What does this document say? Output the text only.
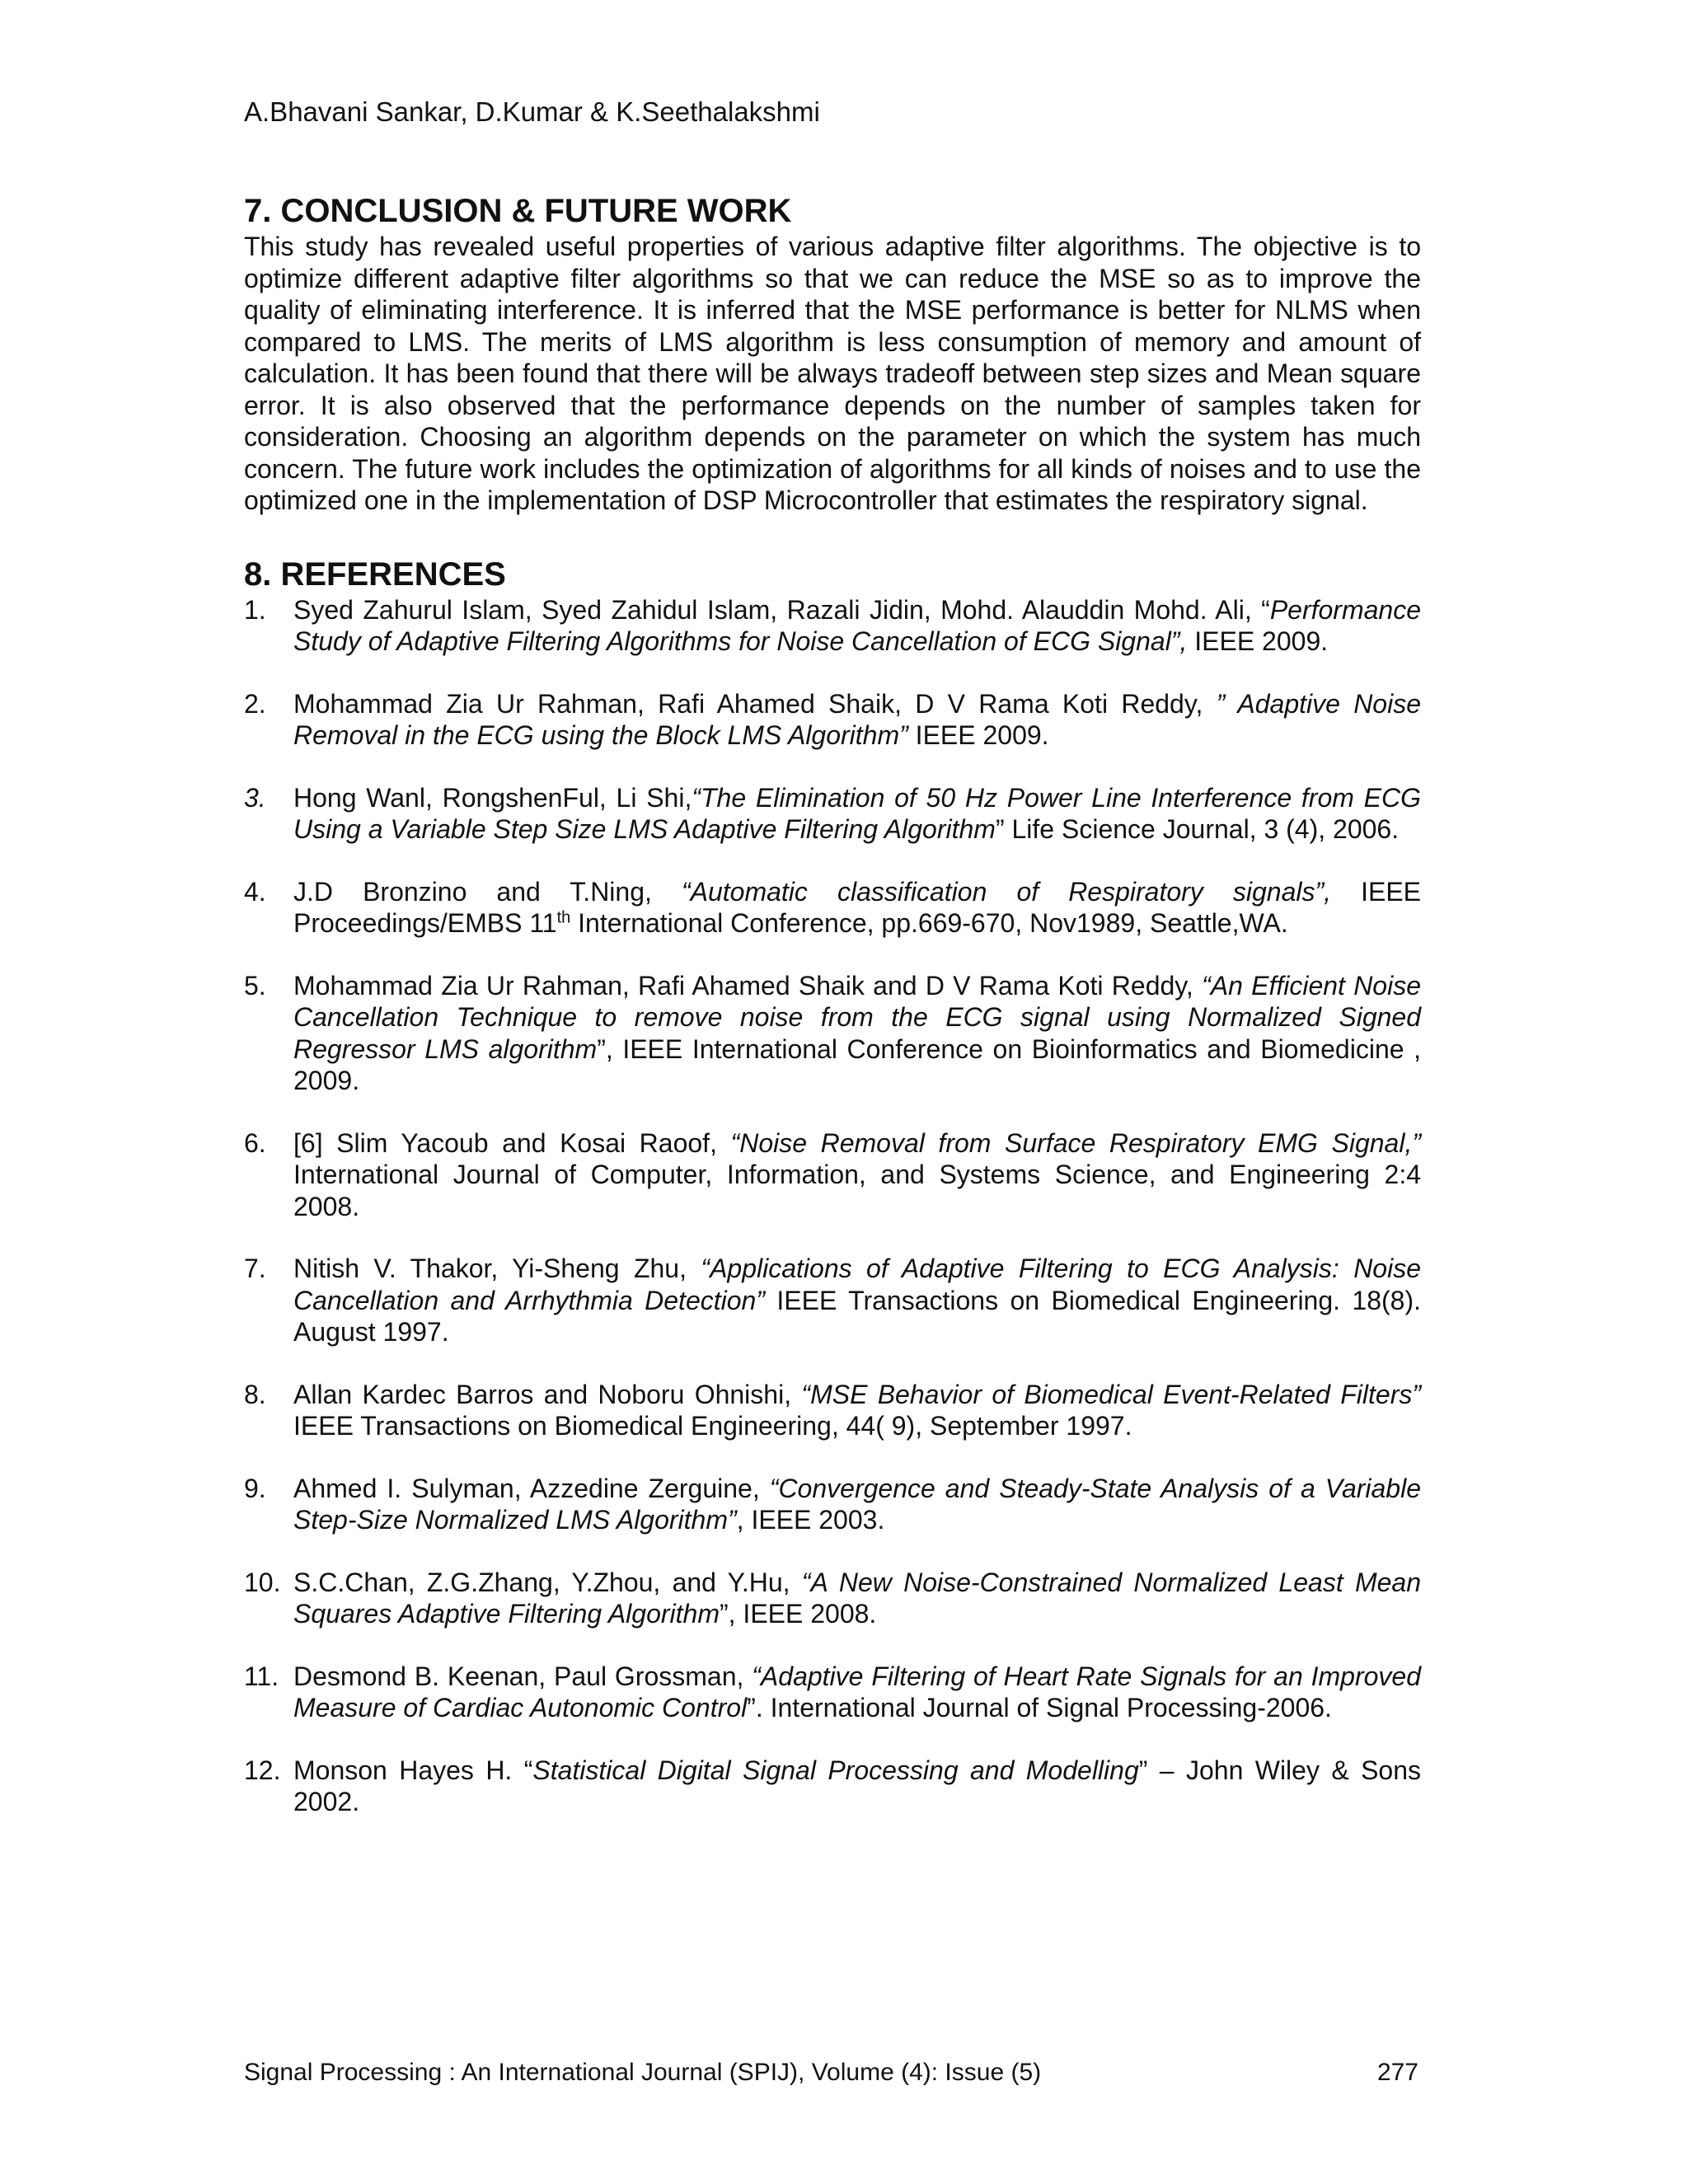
A.Bhavani Sankar, D.Kumar & K.Seethalakshmi
7. CONCLUSION & FUTURE WORK

This study has revealed useful properties of various adaptive filter algorithms. The objective is to optimize different adaptive filter algorithms so that we can reduce the MSE so as to improve the quality of eliminating interference. It is inferred that the MSE performance is better for NLMS when compared to LMS. The merits of LMS algorithm is less consumption of memory and amount of calculation. It has been found that there will be always tradeoff between step sizes and Mean square error. It is also observed that the performance depends on the number of samples taken for consideration. Choosing an algorithm depends on the parameter on which the system has much concern. The future work includes the optimization of algorithms for all kinds of noises and to use the optimized one in the implementation of DSP Microcontroller that estimates the respiratory signal.

8. REFERENCES
1. Syed Zahurul Islam, Syed Zahidul Islam, Razali Jidin, Mohd. Alauddin Mohd. Ali, “Performance Study of Adaptive Filtering Algorithms for Noise Cancellation of ECG Signal”, IEEE 2009.
2. Mohammad Zia Ur Rahman, Rafi Ahamed Shaik, D V Rama Koti Reddy, ” Adaptive Noise Removal in the ECG using the Block LMS Algorithm” IEEE 2009.
3. Hong Wanl, RongshenFul, Li Shi,“The Elimination of 50 Hz Power Line Interference from ECG Using a Variable Step Size LMS Adaptive Filtering Algorithm” Life Science Journal, 3 (4), 2006.
4. J.D Bronzino and T.Ning, “Automatic classification of Respiratory signals”, IEEE Proceedings/EMBS 11th International Conference, pp.669-670, Nov1989, Seattle,WA.
5. Mohammad Zia Ur Rahman, Rafi Ahamed Shaik and D V Rama Koti Reddy, “An Efficient Noise Cancellation Technique to remove noise from the ECG signal using Normalized Signed Regressor LMS algorithm”, IEEE International Conference on Bioinformatics and Biomedicine , 2009.
6. [6] Slim Yacoub and Kosai Raoof, “Noise Removal from Surface Respiratory EMG Signal,” International Journal of Computer, Information, and Systems Science, and Engineering 2:4 2008.
7. Nitish V. Thakor, Yi-Sheng Zhu, “Applications of Adaptive Filtering to ECG Analysis: Noise Cancellation and Arrhythmia Detection” IEEE Transactions on Biomedical Engineering. 18(8). August 1997.
8. Allan Kardec Barros and Noboru Ohnishi, “MSE Behavior of Biomedical Event-Related Filters” IEEE Transactions on Biomedical Engineering, 44( 9), September 1997.
9. Ahmed I. Sulyman, Azzedine Zerguine, “Convergence and Steady-State Analysis of a Variable Step-Size Normalized LMS Algorithm”, IEEE 2003.
10. S.C.Chan, Z.G.Zhang, Y.Zhou, and Y.Hu, “A New Noise-Constrained Normalized Least Mean Squares Adaptive Filtering Algorithm”, IEEE 2008.
11. Desmond B. Keenan, Paul Grossman, “Adaptive Filtering of Heart Rate Signals for an Improved Measure of Cardiac Autonomic Control”. International Journal of Signal Processing-2006.
12. Monson Hayes H. “Statistical Digital Signal Processing and Modelling” – John Wiley & Sons 2002.
Signal Processing : An International Journal (SPIJ), Volume (4): Issue (5)	277
